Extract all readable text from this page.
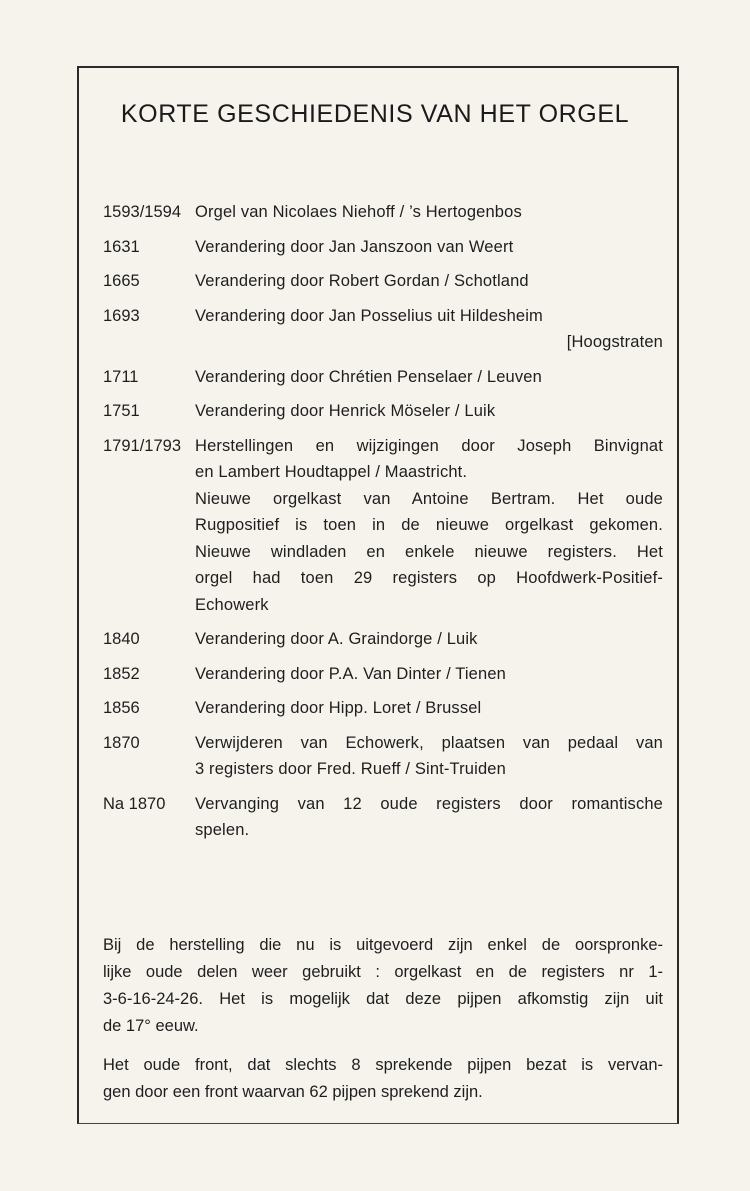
KORTE GESCHIEDENIS VAN HET ORGEL
1593/1594 Orgel van Nicolaes Niehoff / ’s Hertogenbos
1631	Verandering door Jan Janszoon van Weert
1665	Verandering door Robert Gordan / Schotland
1693	Verandering door Jan Posselius uit Hildesheim
[Hoogstraten
1711	Verandering door Chrétien Penselaer / Leuven
1751	Verandering door Henrick Möseler / Luik
1791/1793 Herstellingen en wijzigingen door Joseph Binvignat
en Lambert Houdtappel / Maastricht.
Nieuwe orgelkast van Antoine Bertram. Het oude
Rugpositief is toen in de nieuwe orgelkast gekomen.
Nieuwe windladen en enkele nieuwe registers. Het
orgel had toen 29 registers op Hoofdwerk-Positief-
Echowerk
1840	Verandering door A. Graindorge / Luik
1852	Verandering door P.A. Van Dinter / Tienen
1856	Verandering door Hipp. Loret / Brussel
1870	Verwijderen van Echowerk, plaatsen van pedaal van
3 registers door Fred. Rueff / Sint-Truiden
Na 1870	Vervanging van 12 oude registers door romantische
spelen.

Bij de herstelling die nu is uitgevoerd zijn enkel de oorspronke-
lijke oude delen weer gebruikt : orgelkast en de registers nr 1-
3-6-16-24-26. Het is mogelijk dat deze pijpen afkomstig zijn uit
de 17° eeuw.

Het oude front, dat slechts 8 sprekende pijpen bezat is vervan-
gen door een front waarvan 62 pijpen sprekend zijn.
